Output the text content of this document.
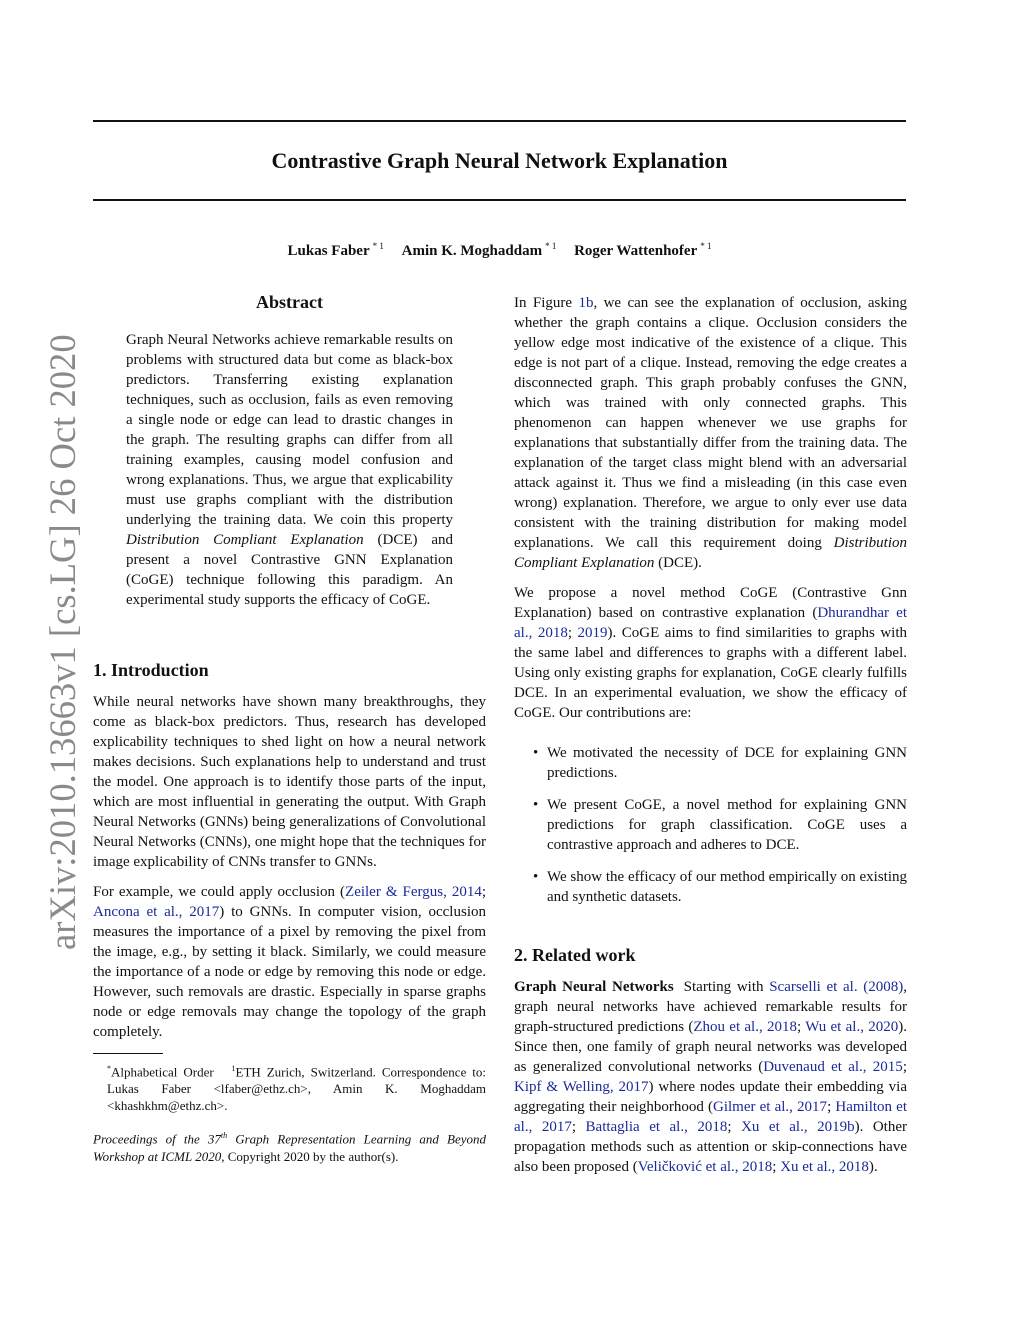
Contrastive Graph Neural Network Explanation
Lukas Faber $^{* 1}$ Amin K. Moghaddam $^{* 1}$ Roger Wattenhofer $^{* 1}$
arXiv:2010.13663v1 [cs.LG] 26 Oct 2020
Abstract
Graph Neural Networks achieve remarkable results on problems with structured data but come as black-box predictors. Transferring existing explanation techniques, such as occlusion, fails as even removing a single node or edge can lead to drastic changes in the graph. The resulting graphs can differ from all training examples, causing model confusion and wrong explanations. Thus, we argue that explicability must use graphs compliant with the distribution underlying the training data. We coin this property Distribution Compliant Explanation (DCE) and present a novel Contrastive GNN Explanation (CoGE) technique following this paradigm. An experimental study supports the efficacy of CoGE.
1. Introduction

While neural networks have shown many breakthroughs, they come as black-box predictors. Thus, research has developed explicability techniques to shed light on how a neural network makes decisions. Such explanations help to understand and trust the model. One approach is to identify those parts of the input, which are most influential in generating the output. With Graph Neural Networks (GNNs) being generalizations of Convolutional Neural Networks (CNNs), one might hope that the techniques for image explicability of CNNs transfer to GNNs.

For example, we could apply occlusion (Zeiler & Fergus, 2014; Ancona et al., 2017) to GNNs. In computer vision, occlusion measures the importance of a pixel by removing the pixel from the image, e.g., by setting it black. Similarly, we could measure the importance of a node or edge by removing this node or edge. However, such removals are drastic. Especially in sparse graphs node or edge removals may change the topology of the graph completely.

*Alphabetical Order $^1$ETH Zurich, Switzerland. Correspondence to: Lukas Faber <lfaber@ethz.ch>, Amin K. Moghaddam <khashkhm@ethz.ch>.
Proceedings of the 37th Graph Representation Learning and Beyond Workshop at ICML 2020, Copyright 2020 by the author(s).

In Figure 1b, we can see the explanation of occlusion, asking whether the graph contains a clique. Occlusion considers the yellow edge most indicative of the existence of a clique. This edge is not part of a clique. Instead, removing the edge creates a disconnected graph. This graph probably confuses the GNN, which was trained with only connected graphs. This phenomenon can happen whenever we use graphs for explanations that substantially differ from the training data. The explanation of the target class might blend with an adversarial attack against it. Thus we find a misleading (in this case even wrong) explanation. Therefore, we argue to only ever use data consistent with the training distribution for making model explanations. We call this requirement doing Distribution Compliant Explanation (DCE).

We propose a novel method CoGE (Contrastive Gnn Explanation) based on contrastive explanation (Dhurandhar et al., 2018; 2019). CoGE aims to find similarities to graphs with the same label and differences to graphs with a different label. Using only existing graphs for explanation, CoGE clearly fulfills DCE. In an experimental evaluation, we show the efficacy of CoGE. Our contributions are:

• We motivated the necessity of DCE for explaining GNN predictions.
• We present CoGE, a novel method for explaining GNN predictions for graph classification. CoGE uses a contrastive approach and adheres to DCE.
• We show the efficacy of our method empirically on existing and synthetic datasets.
2. Related work

Graph Neural Networks Starting with Scarselli et al. (2008), graph neural networks have achieved remarkable results for graph-structured predictions (Zhou et al., 2018; Wu et al., 2020). Since then, one family of graph neural networks was developed as generalized convolutional networks (Duvenaud et al., 2015; Kipf & Welling, 2017) where nodes update their embedding via aggregating their neighborhood (Gilmer et al., 2017; Hamilton et al., 2017; Battaglia et al., 2018; Xu et al., 2019b). Other propagation methods such as attention or skip-connections have also been proposed (Veličković et al., 2018; Xu et al., 2018).
